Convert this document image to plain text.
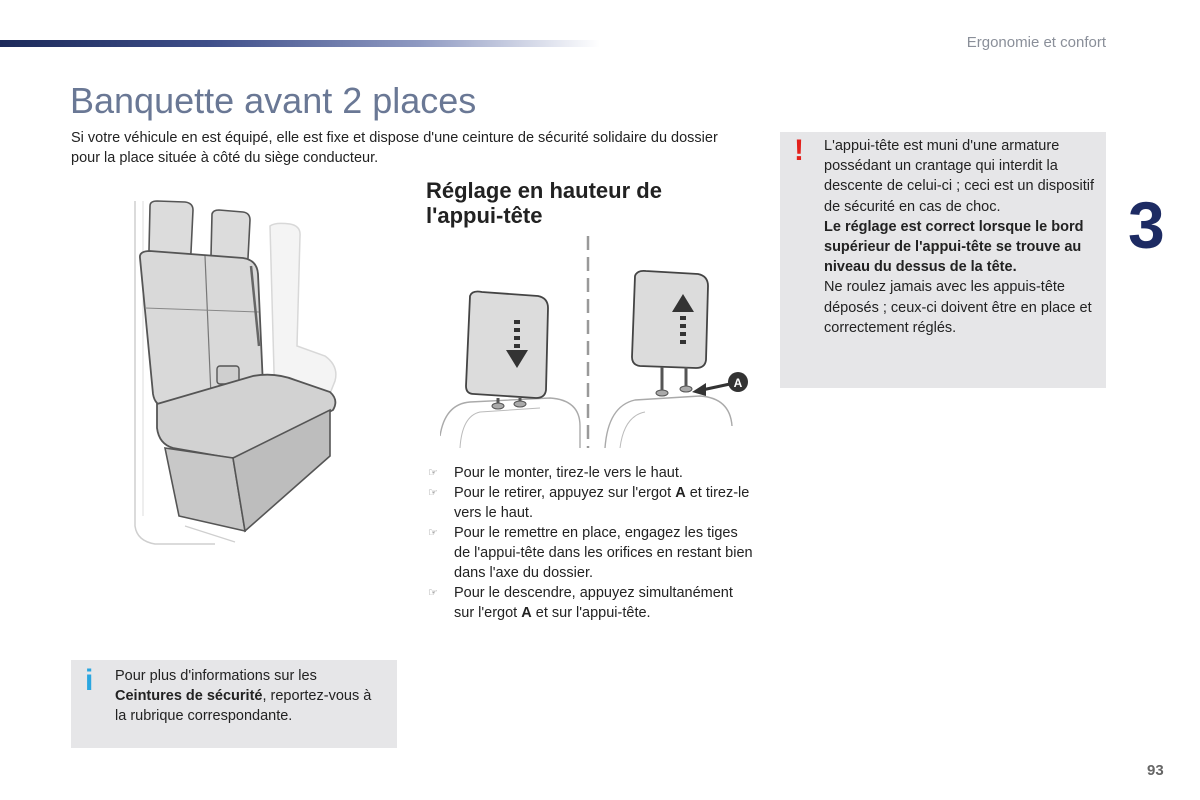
Ergonomie et confort
3
Banquette avant 2 places
Si votre véhicule en est équipé, elle est fixe et dispose d'une ceinture de sécurité solidaire du dossier pour la place située à côté du siège conducteur.
A
Réglage en hauteur de l'appui-tête
☞ Pour le monter, tirez-le vers le haut.
☞ Pour le retirer, appuyez sur l'ergot A et tirez-le vers le haut.
☞ Pour le remettre en place, engagez les tiges de l'appui-tête dans les orifices en restant bien dans l'axe du dossier.
☞ Pour le descendre, appuyez simultanément sur l'ergot A et sur l'appui-tête.
! L'appui-tête est muni d'une armature possédant un crantage qui interdit la descente de celui-ci ; ceci est un dispositif de sécurité en cas de choc.
Le réglage est correct lorsque le bord supérieur de l'appui-tête se trouve au niveau du dessus de la tête.
Ne roulez jamais avec les appuis-tête déposés ; ceux-ci doivent être en place et correctement réglés.
i Pour plus d'informations sur les Ceintures de sécurité, reportez-vous à la rubrique correspondante.
93
